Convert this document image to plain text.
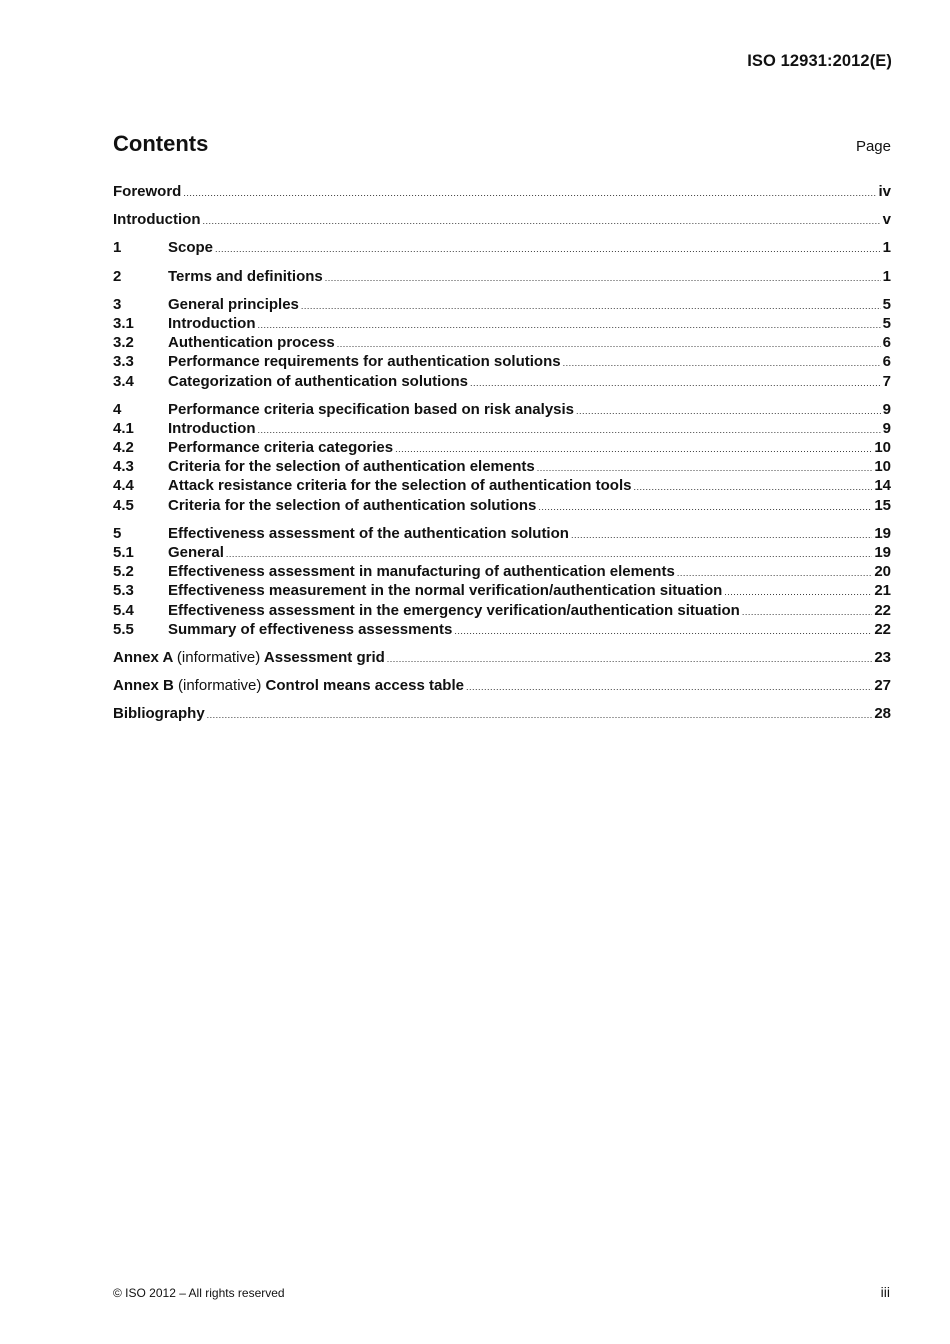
ISO 12931:2012(E)
Contents	Page
Foreword .....	iv
Introduction .....	v
1	Scope .....	1
2	Terms and definitions .....	1
3	General principles .....	5
3.1	Introduction .....	5
3.2	Authentication process .....	6
3.3	Performance requirements for authentication solutions .....	6
3.4	Categorization of authentication solutions .....	7
4	Performance criteria specification based on risk analysis .....	9
4.1	Introduction .....	9
4.2	Performance criteria categories .....	10
4.3	Criteria for the selection of authentication elements .....	10
4.4	Attack resistance criteria for the selection of authentication tools .....	14
4.5	Criteria for the selection of authentication solutions .....	15
5	Effectiveness assessment of the authentication solution .....	19
5.1	General .....	19
5.2	Effectiveness assessment in manufacturing of authentication elements .....	20
5.3	Effectiveness measurement in the normal verification/authentication situation .....	21
5.4	Effectiveness assessment in the emergency verification/authentication situation .....	22
5.5	Summary of effectiveness assessments .....	22
Annex A (informative) Assessment grid .....	23
Annex B (informative) Control means access table .....	27
Bibliography .....	28
© ISO 2012 – All rights reserved	iii
